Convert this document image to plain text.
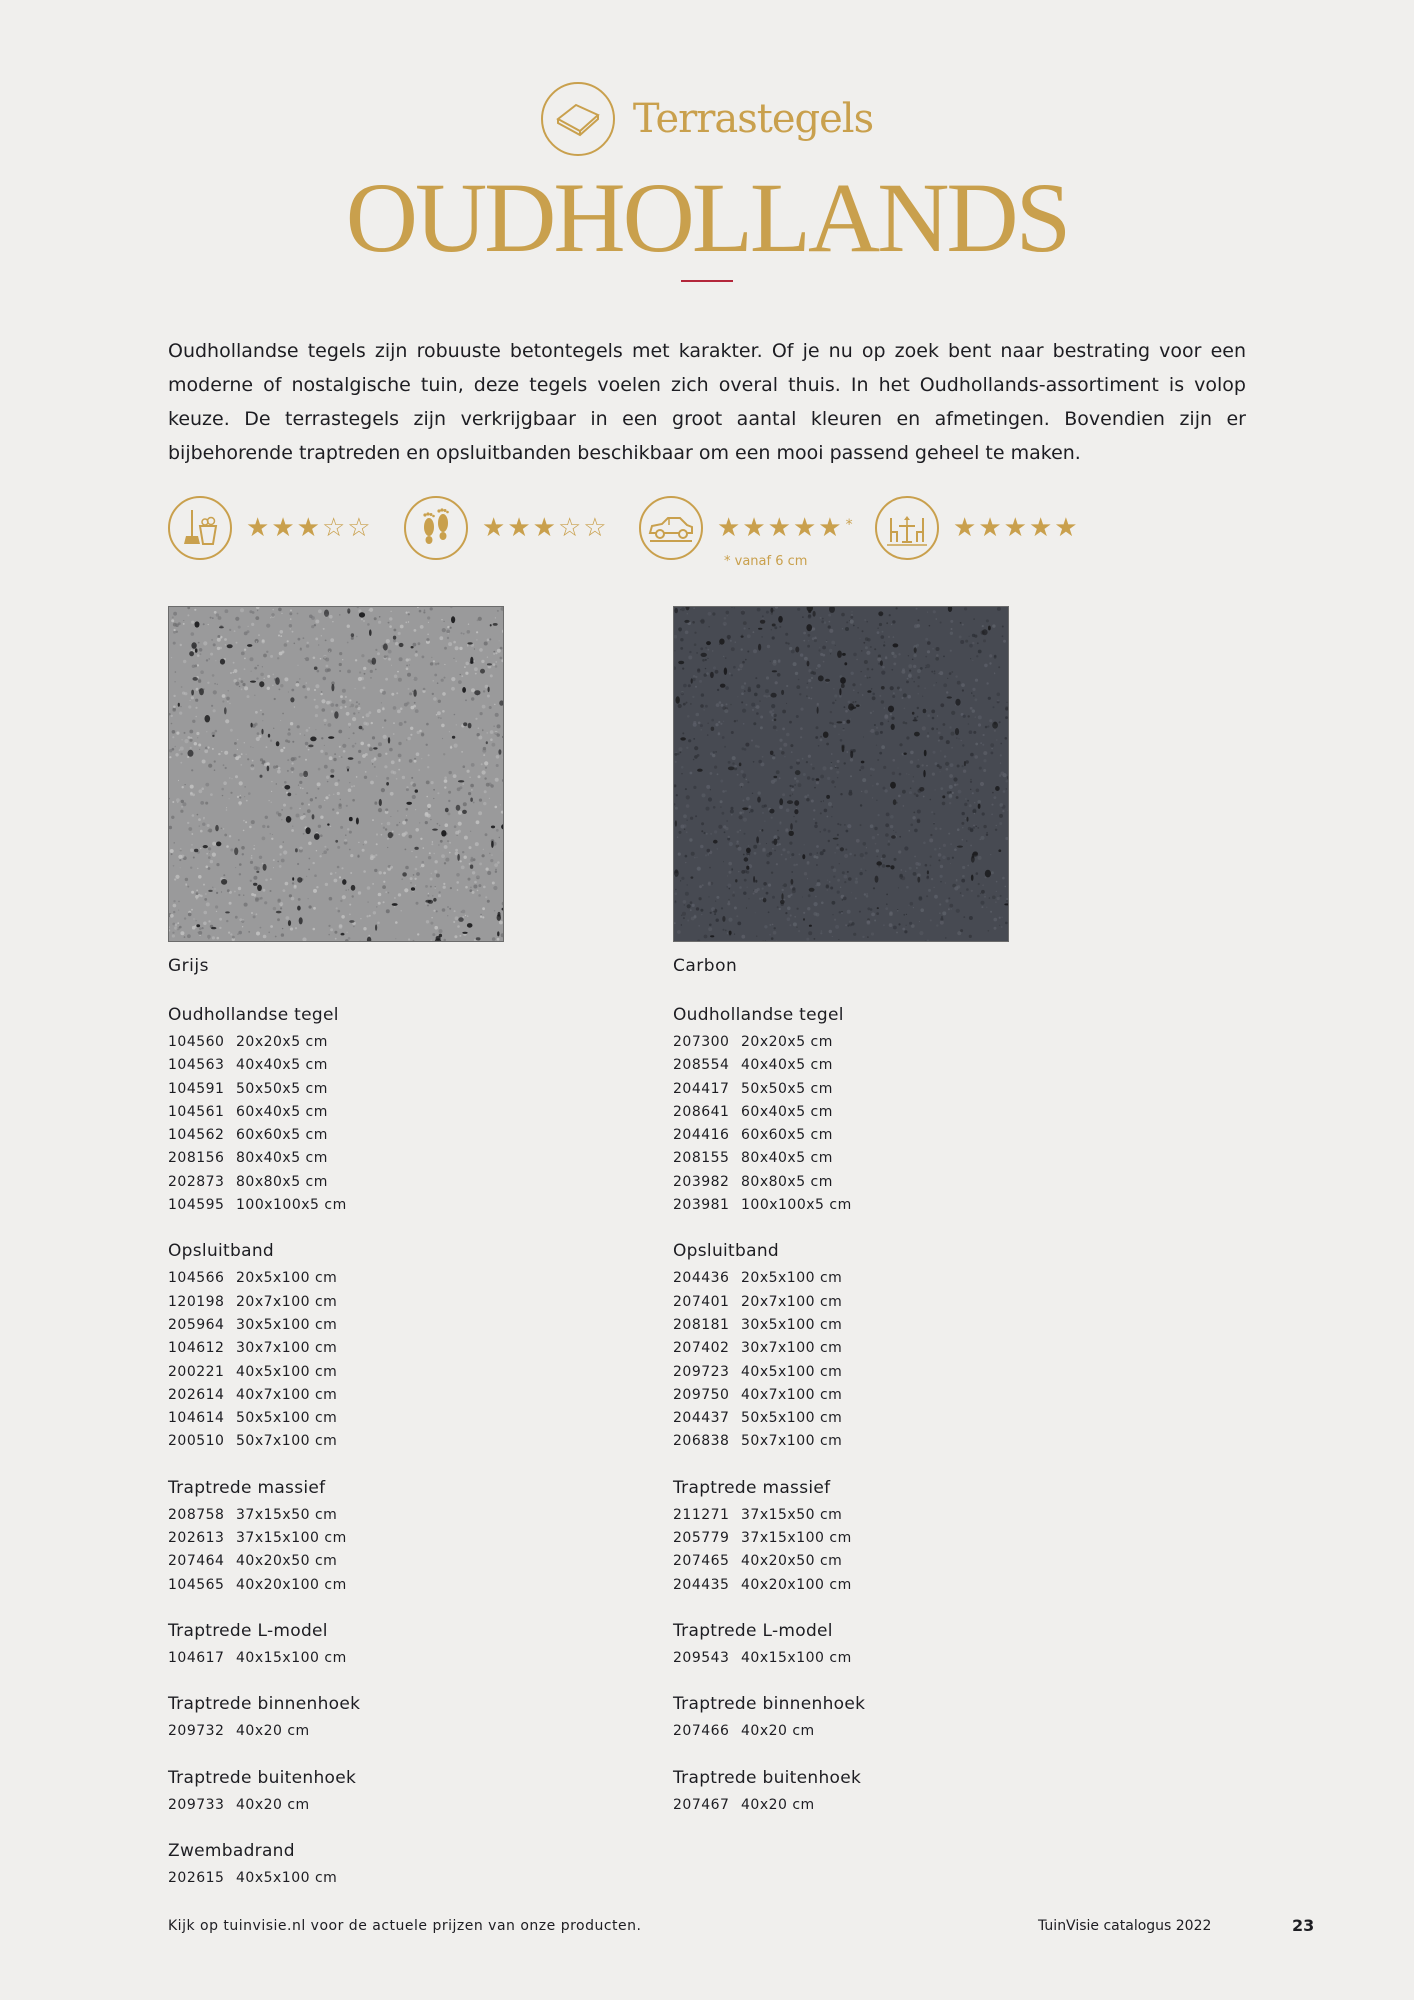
Terrastegels
OUDHOLLANDS

Oudhollandse tegels zijn robuuste betontegels met karakter. Of je nu op zoek bent naar bestrating voor een moderne of nostalgische tuin, deze tegels voelen zich overal thuis. In het Oudhollands-assortiment is volop keuze. De terrastegels zijn verkrijgbaar in een groot aantal kleuren en afmetingen. Bovendien zijn er bijbehorende traptreden en opsluitbanden beschikbaar om een mooi passend geheel te maken.

★ ★ ★ ☆ ☆	★ ★ ★ ☆ ☆	★ ★ ★ ★ ★ *	★ ★ ★ ★ ★
* vanaf 6 cm
Grijs
Oudhollandse tegel
104560 20x20x5 cm
104563 40x40x5 cm
104591 50x50x5 cm
104561 60x40x5 cm
104562 60x60x5 cm
208156 80x40x5 cm
202873 80x80x5 cm
104595 100x100x5 cm
Opsluitband
104566 20x5x100 cm
120198 20x7x100 cm
205964 30x5x100 cm
104612 30x7x100 cm
200221 40x5x100 cm
202614 40x7x100 cm
104614 50x5x100 cm
200510 50x7x100 cm
Traptrede massief
208758 37x15x50 cm
202613 37x15x100 cm
207464 40x20x50 cm
104565 40x20x100 cm
Traptrede L-model
104617 40x15x100 cm
Traptrede binnenhoek
209732 40x20 cm
Traptrede buitenhoek
209733 40x20 cm
Zwembadrand
202615 40x5x100 cm
Carbon
Oudhollandse tegel
207300 20x20x5 cm
208554 40x40x5 cm
204417 50x50x5 cm
208641 60x40x5 cm
204416 60x60x5 cm
208155 80x40x5 cm
203982 80x80x5 cm
203981 100x100x5 cm
Opsluitband
204436 20x5x100 cm
207401 20x7x100 cm
208181 30x5x100 cm
207402 30x7x100 cm
209723 40x5x100 cm
209750 40x7x100 cm
204437 50x5x100 cm
206838 50x7x100 cm
Traptrede massief
211271 37x15x50 cm
205779 37x15x100 cm
207465 40x20x50 cm
204435 40x20x100 cm
Traptrede L-model
209543 40x15x100 cm
Traptrede binnenhoek
207466 40x20 cm
Traptrede buitenhoek
207467 40x20 cm
Kijk op tuinvisie.nl voor de actuele prijzen van onze producten.	TuinVisie catalogus 2022	23
